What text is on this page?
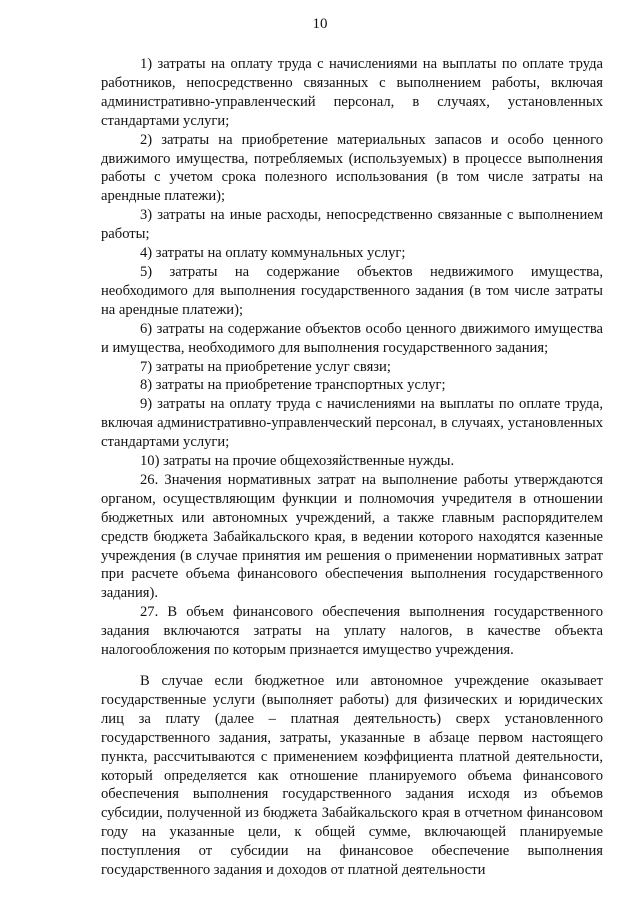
10

1) затраты на оплату труда с начислениями на выплаты по оплате труда работников, непосредственно связанных с выполнением работы, включая административно-управленческий персонал, в случаях, установленных стандартами услуги;

2) затраты на приобретение материальных запасов и особо ценного движимого имущества, потребляемых (используемых) в процессе выполнения работы с учетом срока полезного использования (в том числе затраты на арендные платежи);

3) затраты на иные расходы, непосредственно связанные с выполнением работы;

4) затраты на оплату коммунальных услуг;

5) затраты на содержание объектов недвижимого имущества, необходимого для выполнения государственного задания (в том числе затраты на арендные платежи);

6) затраты на содержание объектов особо ценного движимого имущества и имущества, необходимого для выполнения государственного задания;

7) затраты на приобретение услуг связи;

8) затраты на приобретение транспортных услуг;

9) затраты на оплату труда с начислениями на выплаты по оплате труда, включая административно-управленческий персонал, в случаях, установленных стандартами услуги;

10) затраты на прочие общехозяйственные нужды.

26. Значения нормативных затрат на выполнение работы утверждаются органом, осуществляющим функции и полномочия учредителя в отношении бюджетных или автономных учреждений, а также главным распорядителем средств бюджета Забайкальского края, в ведении которого находятся казенные учреждения (в случае принятия им решения о применении нормативных затрат при расчете объема финансового обеспечения выполнения государственного задания).

27. В объем финансового обеспечения выполнения государственного задания включаются затраты на уплату налогов, в качестве объекта налогообложения по которым признается имущество учреждения.

В случае если бюджетное или автономное учреждение оказывает государственные услуги (выполняет работы) для физических и юридических лиц за плату (далее – платная деятельность) сверх установленного государственного задания, затраты, указанные в абзаце первом настоящего пункта, рассчитываются с применением коэффициента платной деятельности, который определяется как отношение планируемого объема финансового обеспечения выполнения государственного задания исходя из объемов субсидии, полученной из бюджета Забайкальского края в отчетном финансовом году на указанные цели, к общей сумме, включающей планируемые поступления от субсидии на финансовое обеспечение выполнения государственного задания и доходов от платной деятельности
